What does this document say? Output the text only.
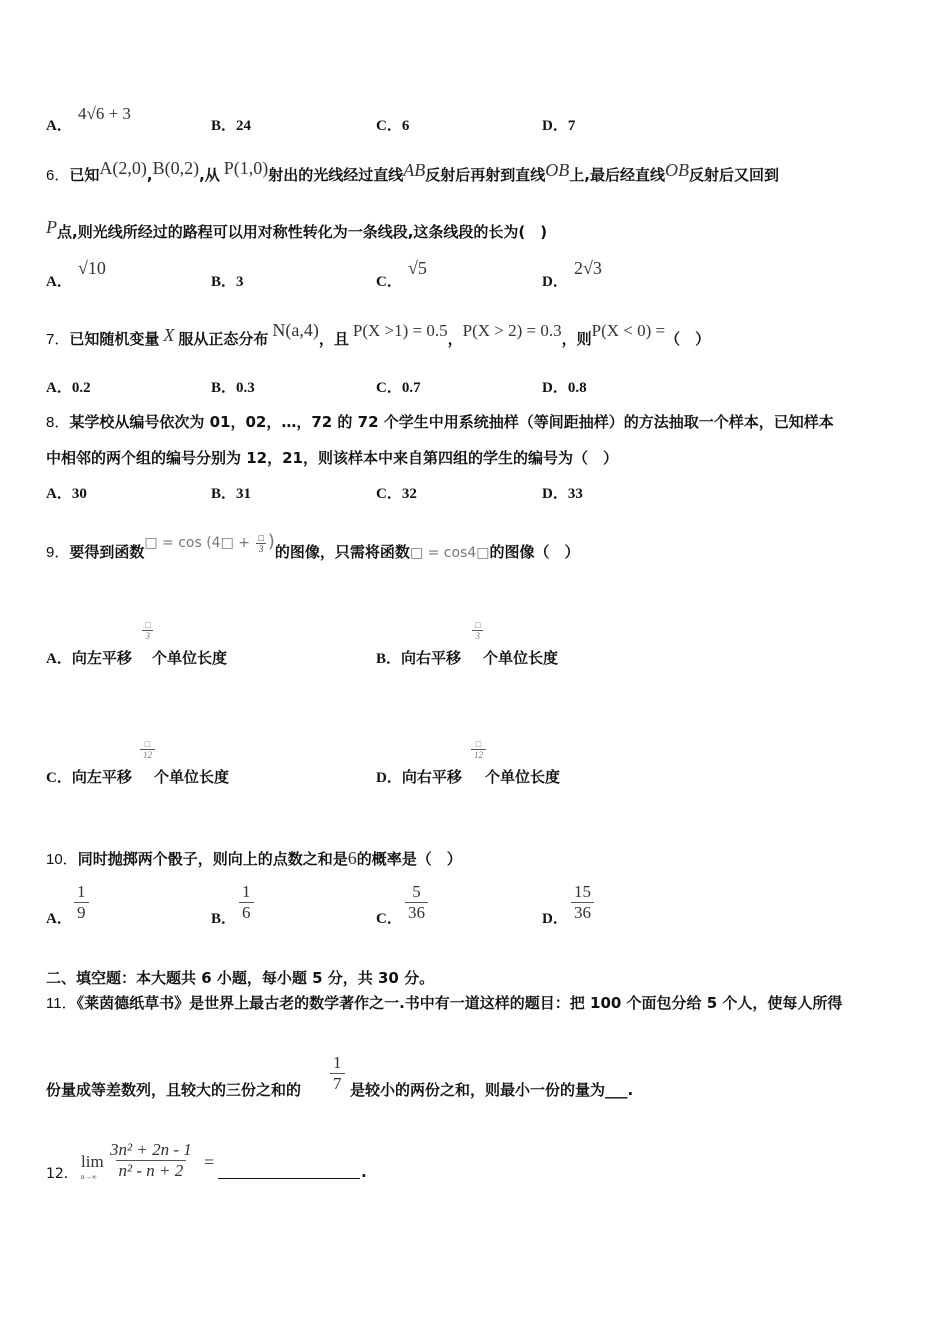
A．
4√6 + 3
B．24	C．6	D．7
6．已知A(2,0),B(0,2),从 P(1,0)射出的光线经过直线AB反射后再射到直线OB上,最后经直线OB反射后又回到
P点,则光线所经过的路程可以用对称性转化为一条线段,这条线段的长为(　)
A．
√10
B．3	C．
√5
D．
2√3
7．已知随机变量 X 服从正态分布 N(a,4)，且 P(X >1) = 0.5，P(X > 2) = 0.3，则P(X < 0) =（　）
A．0.2	B．0.3	C．0.7	D．0.8
8．某学校从编号依次为 01，02，…，72 的 72 个学生中用系统抽样（等间距抽样）的方法抽取一个样本，已知样本
中相邻的两个组的编号分别为 12，21，则该样本中来自第四组的学生的编号为（　）
A．30	B．31	C．32	D．33
9．要得到函数□ = cos (4□ + $\frac{□}{3}$ )的图像，只需将函数□ = cos4□的图像（　）
A．向左平移
□
3
个单位长度	B．向右平移
□
3
个单位长度
C．向左平移
□
12
个单位长度	D．向右平移
□
12
个单位长度
10．同时抛掷两个骰子，则向上的点数之和是6的概率是（　）
A． $\frac{1}{9}$	B． $\frac{1}{6}$	C． $\frac{5}{36}$	D． $\frac{15}{36}$
二、填空题：本大题共 6 小题，每小题 5 分，共 30 分。
11．《莱茵德纸草书》是世界上最古老的数学著作之一.书中有一道这样的题目：把 100 个面包分给 5 个人，使每人所得
份量成等差数列，且较大的三份之和的 $\frac{1}{7}$ 是较小的两份之和，则最小一份的量为___.
12．
lim
$n\to\infty \frac{\text{3n² + 2n - 1}}{\text{n² - n + 2}}$ =	.
